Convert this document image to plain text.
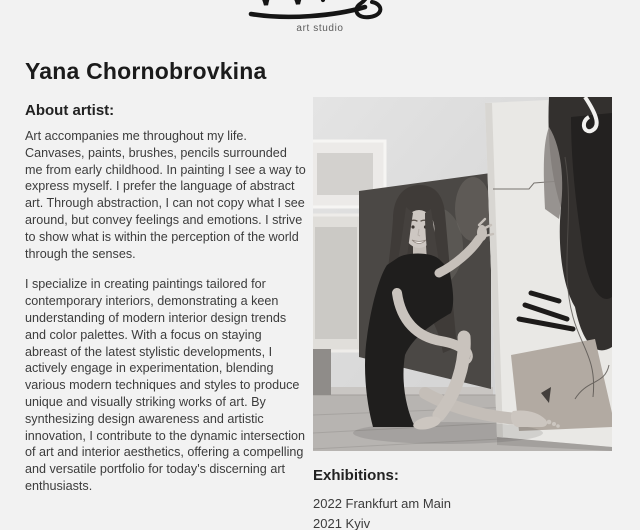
art studio
Yana Chornobrovkina
About artist:

Art accompanies me throughout my life. Canvases, paints, brushes, pencils surrounded me from early childhood. In painting I see a way to express myself. I prefer the language of abstract art. Through abstraction, I can not copy what I see around, but convey feelings and emotions. I strive to show what is within the perception of the world through the senses.

I specialize in creating paintings tailored for contemporary interiors, demonstrating a keen understanding of modern interior design trends and color palettes. With a focus on staying abreast of the latest stylistic developments, I actively engage in experimentation, blending various modern techniques and styles to produce unique and visually striking works of art. By synthesizing design awareness and artistic innovation, I contribute to the dynamic intersection of art and interior aesthetics, offering a compelling and versatile portfolio for today's discerning art enthusiasts.

Exhibitions:
2022 Frankfurt am Main
2021 Kyiv
